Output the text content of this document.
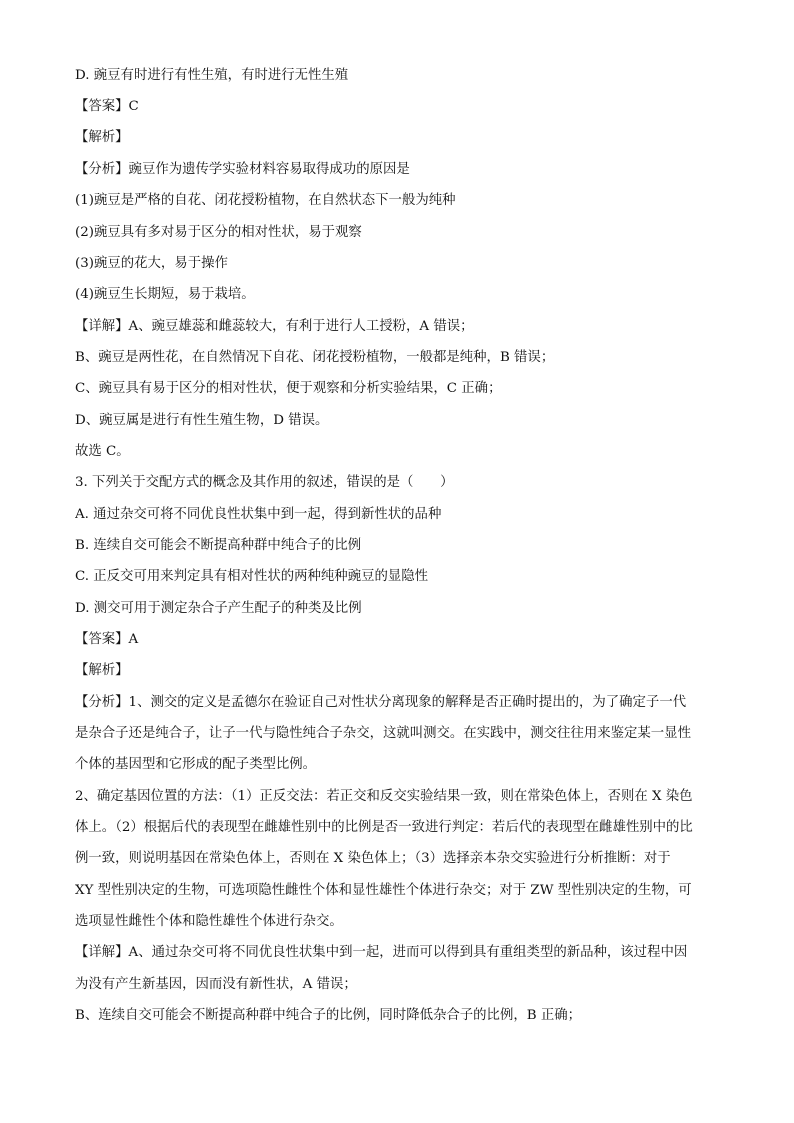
D. 豌豆有时进行有性生殖，有时进行无性生殖
【答案】C
【解析】
【分析】豌豆作为遗传学实验材料容易取得成功的原因是
(1)豌豆是严格的自花、闭花授粉植物，在自然状态下一般为纯种
(2)豌豆具有多对易于区分的相对性状，易于观察
(3)豌豆的花大，易于操作
(4)豌豆生长期短，易于栽培。
【详解】A、豌豆雄蕊和雌蕊较大，有利于进行人工授粉，A 错误；
B、豌豆是两性花，在自然情况下自花、闭花授粉植物，一般都是纯种，B 错误；
C、豌豆具有易于区分的相对性状，便于观察和分析实验结果，C 正确；
D、豌豆属是进行有性生殖生物，D 错误。
故选 C。
3. 下列关于交配方式的概念及其作用的叙述，错误的是（　　）
A. 通过杂交可将不同优良性状集中到一起，得到新性状的品种
B. 连续自交可能会不断提高种群中纯合子的比例
C. 正反交可用来判定具有相对性状的两种纯种豌豆的显隐性
D. 测交可用于测定杂合子产生配子的种类及比例
【答案】A
【解析】
【分析】1、测交的定义是孟德尔在验证自己对性状分离现象的解释是否正确时提出的，为了确定子一代
是杂合子还是纯合子，让子一代与隐性纯合子杂交，这就叫测交。在实践中，测交往往用来鉴定某一显性
个体的基因型和它形成的配子类型比例。
2、确定基因位置的方法：（1）正反交法：若正交和反交实验结果一致，则在常染色体上，否则在 X 染色
体上。（2）根据后代的表现型在雌雄性别中的比例是否一致进行判定：若后代的表现型在雌雄性别中的比
例一致，则说明基因在常染色体上，否则在 X 染色体上；（3）选择亲本杂交实验进行分析推断：对于
XY 型性别决定的生物，可选项隐性雌性个体和显性雄性个体进行杂交；对于 ZW 型性别决定的生物，可
选项显性雌性个体和隐性雄性个体进行杂交。
【详解】A、通过杂交可将不同优良性状集中到一起，进而可以得到具有重组类型的新品种，该过程中因
为没有产生新基因，因而没有新性状，A 错误；
B、连续自交可能会不断提高种群中纯合子的比例，同时降低杂合子的比例，B 正确；
